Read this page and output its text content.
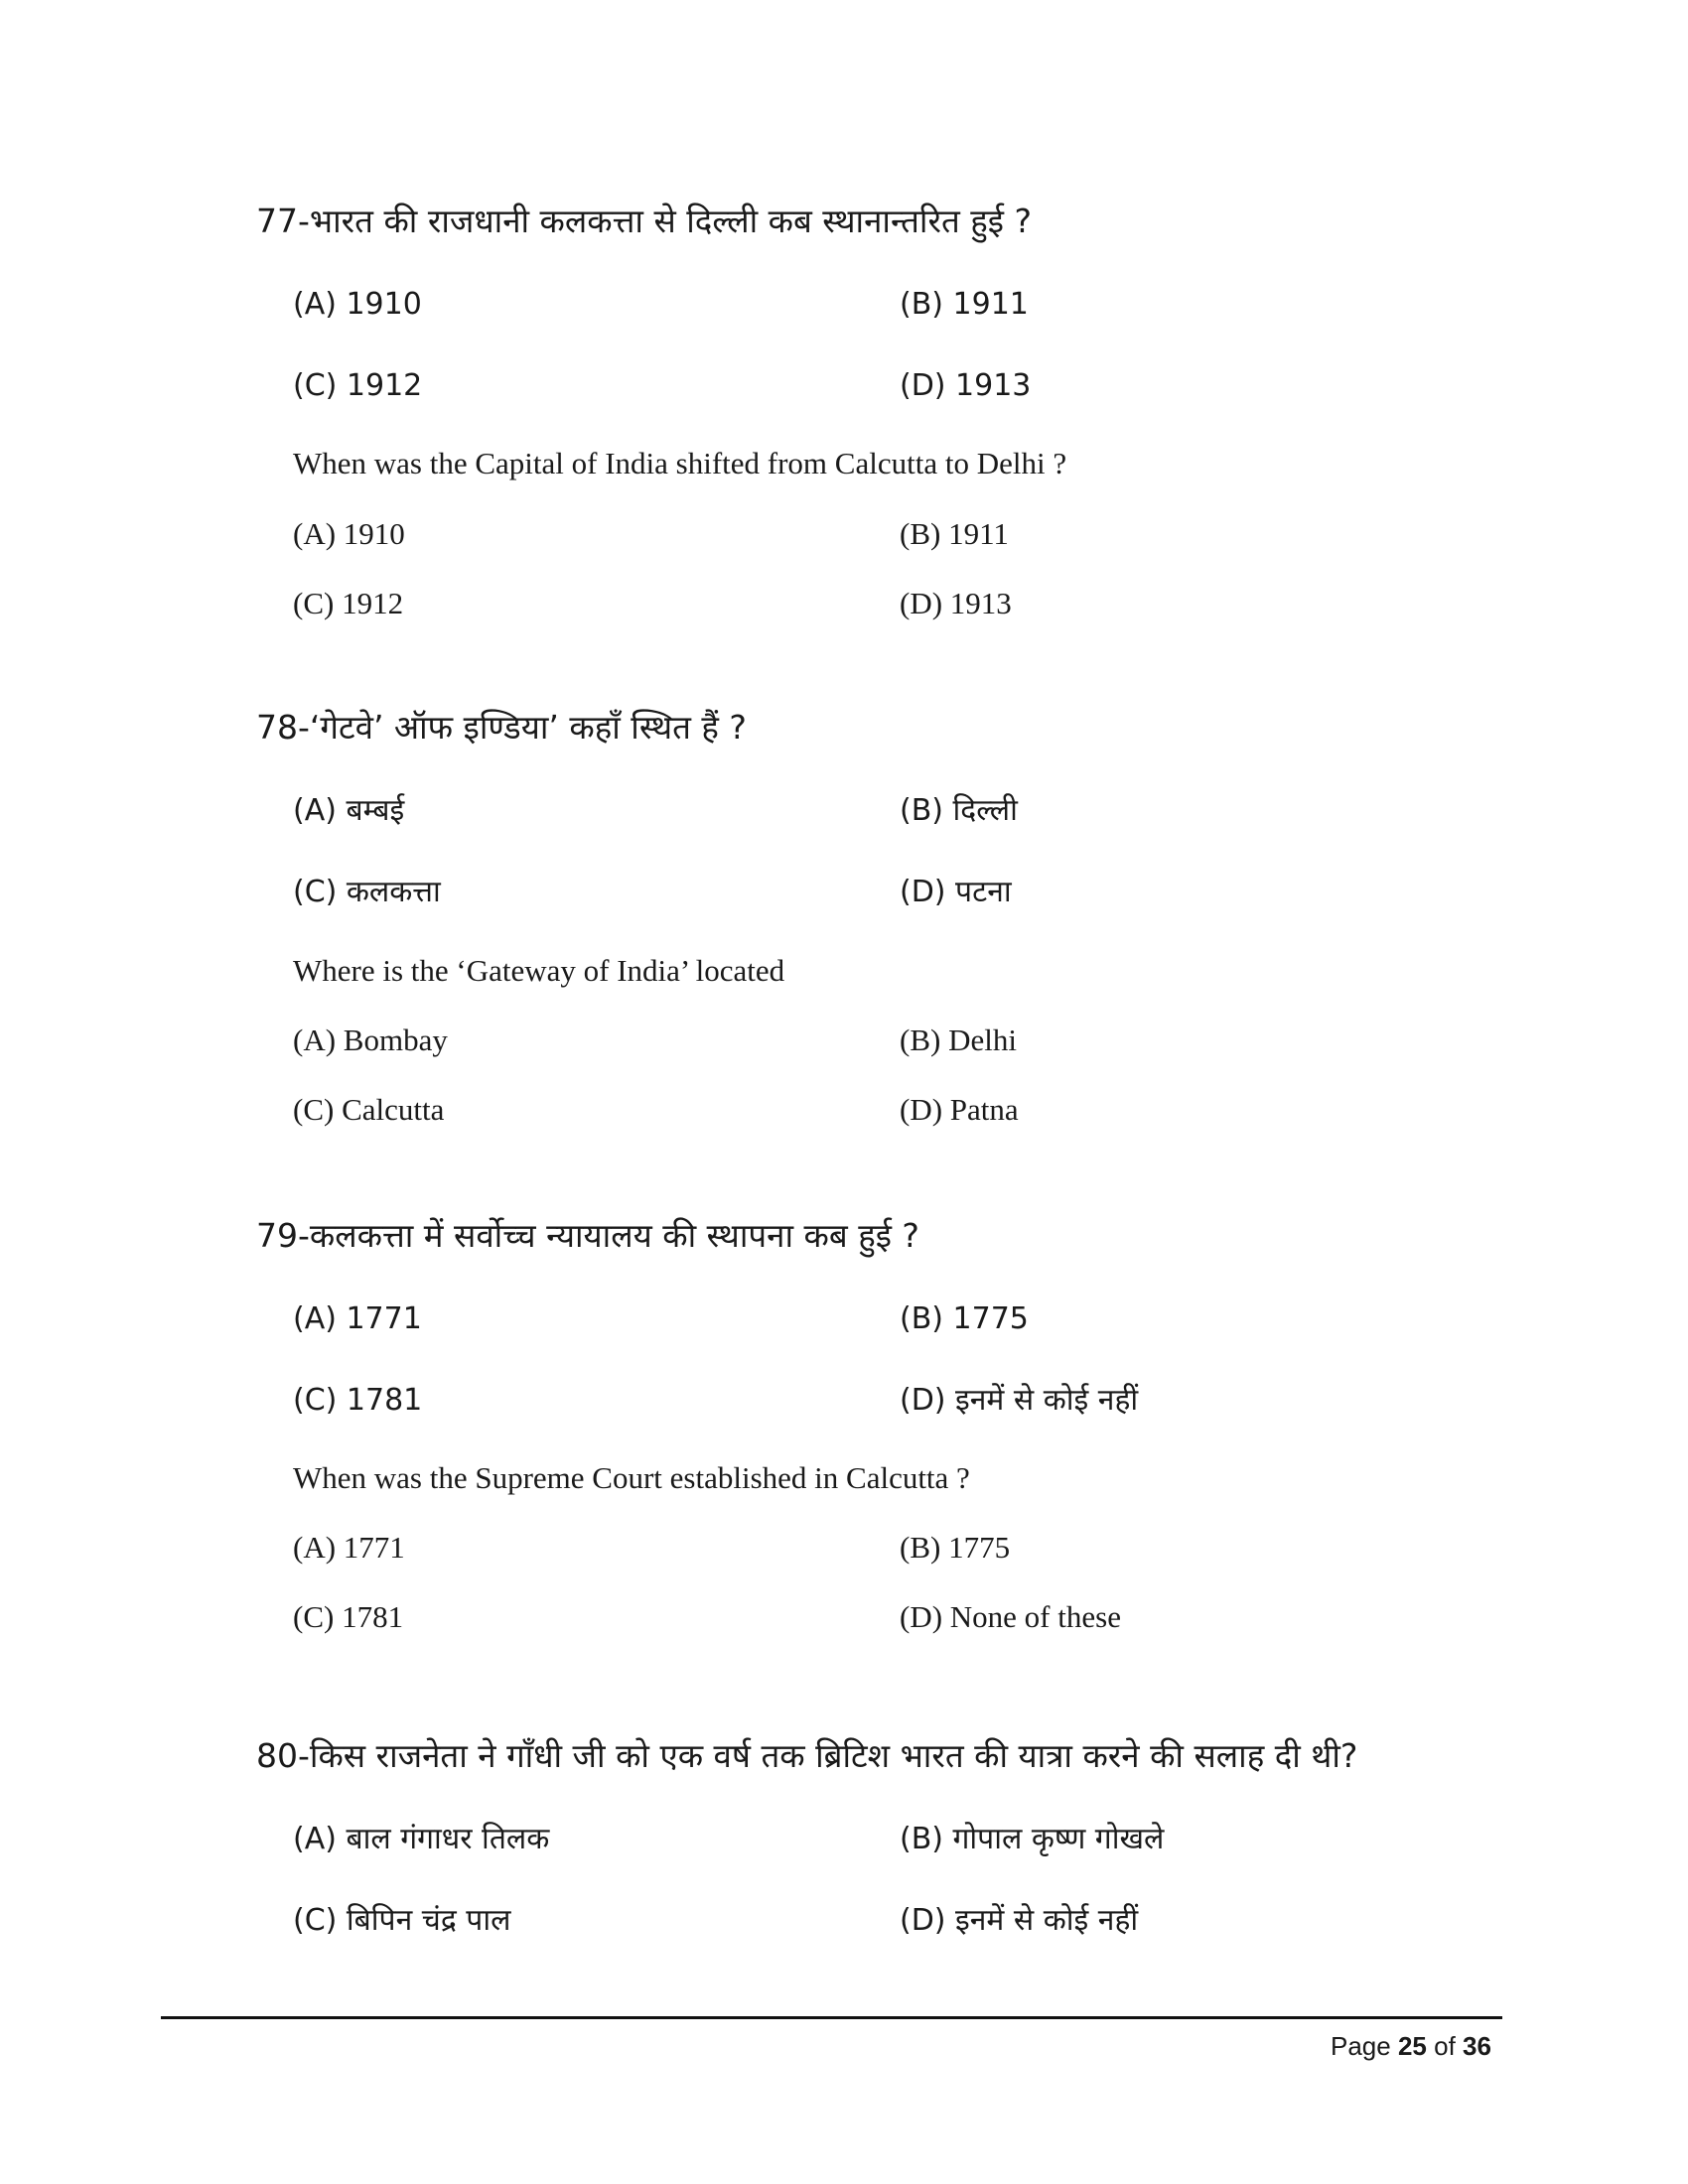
77-भारत की राजधानी कलकत्ता से दिल्ली कब स्थानान्तरित हुई ?
(A) 1910	(B) 1911
(C) 1912	(D) 1913
When was the Capital of India shifted from Calcutta to Delhi ?
(A) 1910	(B) 1911
(C) 1912	(D) 1913
78-‘गेटवे’ ऑफ इण्डिया’ कहाँ स्थित हैं ?
(A) बम्बई	(B) दिल्ली
(C) कलकत्ता	(D) पटना
Where is the ‘Gateway of India’ located
(A) Bombay	(B) Delhi
(C) Calcutta	(D) Patna
79-कलकत्ता में सर्वोच्च न्यायालय की स्थापना कब हुई ?
(A) 1771	(B) 1775
(C) 1781	(D) इनमें से कोई नहीं
When was the Supreme Court established in Calcutta ?
(A) 1771	(B) 1775
(C) 1781	(D) None of these
80-किस राजनेता ने गाँधी जी को एक वर्ष तक ब्रिटिश भारत की यात्रा करने की सलाह दी थी?
(A) बाल गंगाधर तिलक	(B) गोपाल कृष्ण गोखले
(C) बिपिन चंद्र पाल	(D) इनमें से कोई नहीं
Page 25 of 36
